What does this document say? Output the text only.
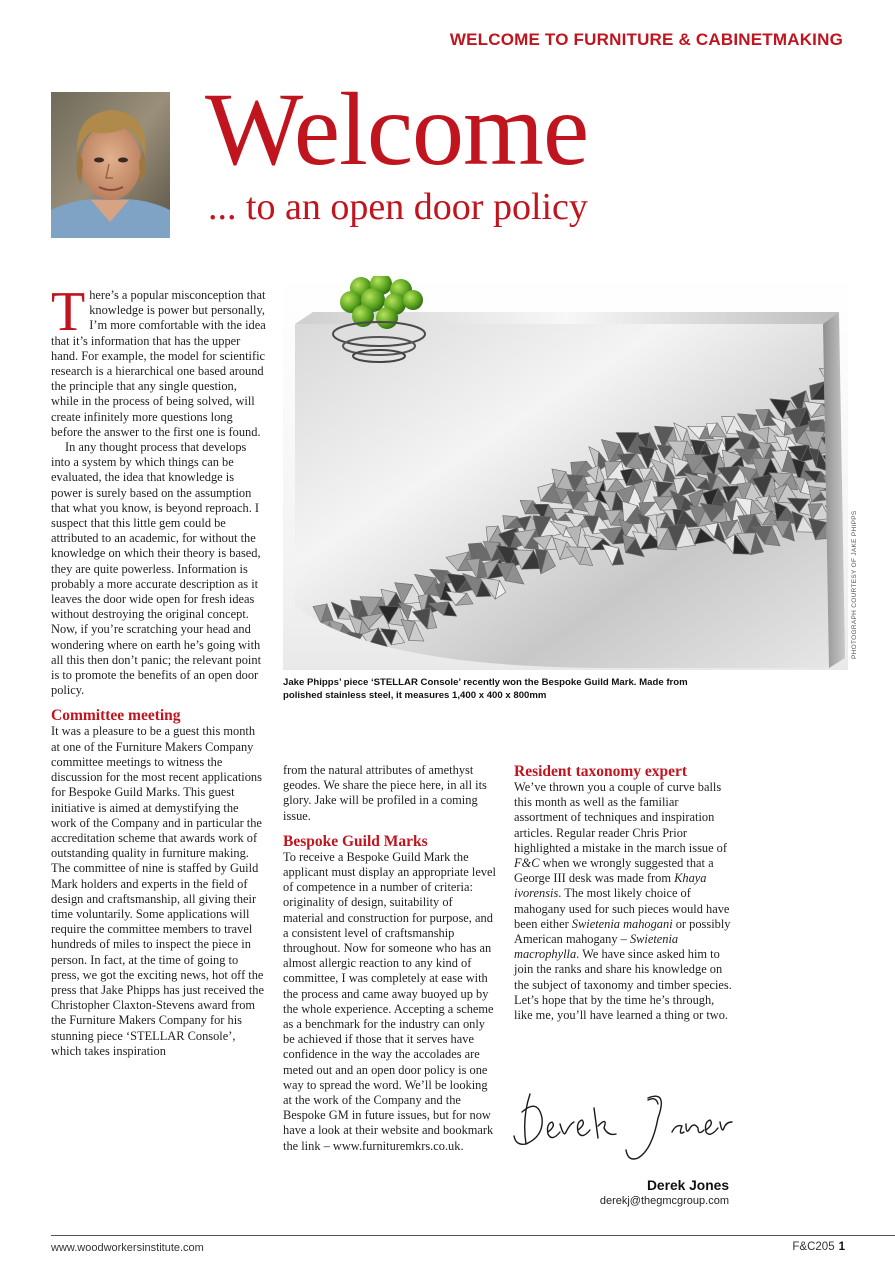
WELCOME TO FURNITURE & CABINETMAKING

Welcome

... to an open door policy

There’s a popular misconception that knowledge is power but personally, I’m more comfortable with the idea that it’s information that has the upper hand. For example, the model for scientific research is a hierarchical one based around the principle that any single question, while in the process of being solved, will create infinitely more questions long before the answer to the first one is found.

In any thought process that develops into a system by which things can be evaluated, the idea that knowledge is power is surely based on the assumption that what you know, is beyond reproach. I suspect that this little gem could be attributed to an academic, for without the knowledge on which their theory is based, they are quite powerless. Information is probably a more accurate description as it leaves the door wide open for fresh ideas without destroying the original concept. Now, if you’re scratching your head and wondering where on earth he’s going with all this then don’t panic; the relevant point is to promote the benefits of an open door policy.

Committee meeting

It was a pleasure to be a guest this month at one of the Furniture Makers Company committee meetings to witness the discussion for the most recent applications for Bespoke Guild Marks. This guest initiative is aimed at demystifying the work of the Company and in particular the accreditation scheme that awards work of outstanding quality in furniture making. The committee of nine is staffed by Guild Mark holders and experts in the field of design and craftsmanship, all giving their time voluntarily. Some applications will require the committee members to travel hundreds of miles to inspect the piece in person. In fact, at the time of going to press, we got the exciting news, hot off the press that Jake Phipps has just received the Christopher Claxton-Stevens award from the Furniture Makers Company for his stunning piece ‘STELLAR Console’, which takes inspiration

PHOTOGRAPH COURTESY OF JAKE PHIPPS

Jake Phipps’ piece ‘STELLAR Console’ recently won the Bespoke Guild Mark. Made from polished stainless steel, it measures 1,400 x 400 x 800mm

from the natural attributes of amethyst geodes. We share the piece here, in all its glory. Jake will be profiled in a coming issue.

Bespoke Guild Marks

To receive a Bespoke Guild Mark the applicant must display an appropriate level of competence in a number of criteria: originality of design, suitability of material and construction for purpose, and a consistent level of craftsmanship throughout. Now for someone who has an almost allergic reaction to any kind of committee, I was completely at ease with the process and came away buoyed up by the whole experience. Accepting a scheme as a benchmark for the industry can only be achieved if those that it serves have confidence in the way the accolades are meted out and an open door policy is one way to spread the word. We’ll be looking at the work of the Company and the Bespoke GM in future issues, but for now have a look at their website and bookmark the link – www.furnituremkrs.co.uk.

Resident taxonomy expert

We’ve thrown you a couple of curve balls this month as well as the familiar assortment of techniques and inspiration articles. Regular reader Chris Prior highlighted a mistake in the march issue of F&C when we wrongly suggested that a George III desk was made from Khaya ivorensis. The most likely choice of mahogany used for such pieces would have been either Swietenia mahogani or possibly American mahogany – Swietenia macrophylla. We have since asked him to join the ranks and share his knowledge on the subject of taxonomy and timber species. Let’s hope that by the time he’s through, like me, you’ll have learned a thing or two.

Derek Jones

derekj@thegmcgroup.com

www.woodworkersinstitute.com	F&C205 1
